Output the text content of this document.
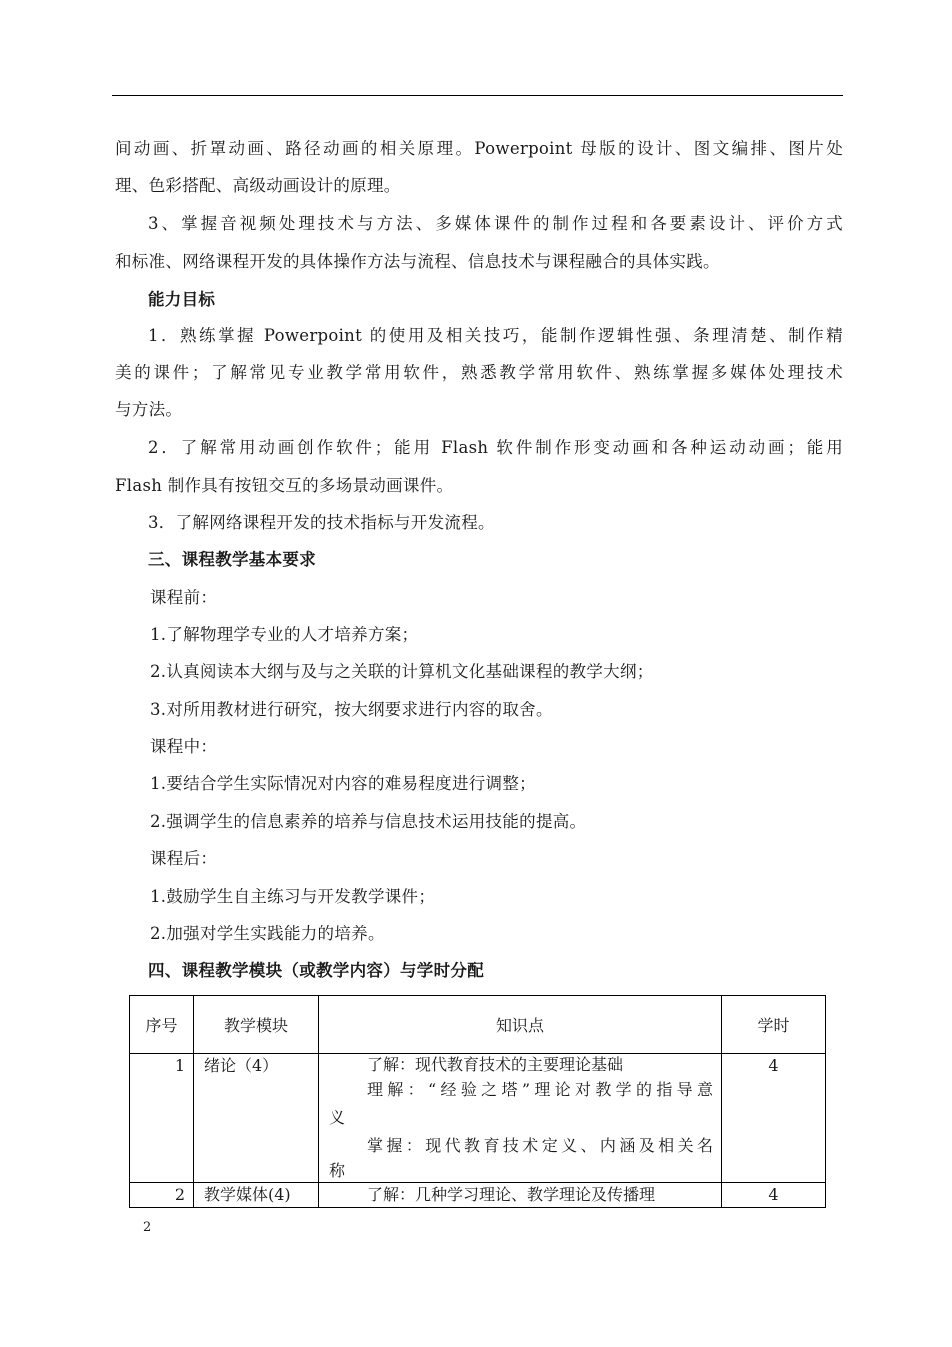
间动画、折罩动画、路径动画的相关原理。Powerpoint 母版的设计、图文编排、图片处
理、色彩搭配、高级动画设计的原理。
3、掌握音视频处理技术与方法、多媒体课件的制作过程和各要素设计、评价方式
和标准、网络课程开发的具体操作方法与流程、信息技术与课程融合的具体实践。
能力目标
1．熟练掌握 Powerpoint 的使用及相关技巧，能制作逻辑性强、条理清楚、制作精
美的课件；了解常见专业教学常用软件，熟悉教学常用软件、熟练掌握多媒体处理技术
与方法。
2．了解常用动画创作软件；能用 Flash 软件制作形变动画和各种运动动画；能用
Flash 制作具有按钮交互的多场景动画课件。
3．了解网络课程开发的技术指标与开发流程。
三、课程教学基本要求
课程前：
1.了解物理学专业的人才培养方案；
2.认真阅读本大纲与及与之关联的计算机文化基础课程的教学大纲；
3.对所用教材进行研究，按大纲要求进行内容的取舍。
课程中：
1.要结合学生实际情况对内容的难易程度进行调整；
2.强调学生的信息素养的培养与信息技术运用技能的提高。
课程后：
1.鼓励学生自主练习与开发教学课件；
2.加强对学生实践能力的培养。
四、课程教学模块（或教学内容）与学时分配
序号	教学模块	知识点	学时
1	绪论（4）	了解：现代教育技术的主要理论基础
理解：“经验之塔”理论对教学的指导意
义
掌握：现代教育技术定义、内涵及相关名
称	4
2	教学媒体(4)	了解：几种学习理论、教学理论及传播理	4
2
